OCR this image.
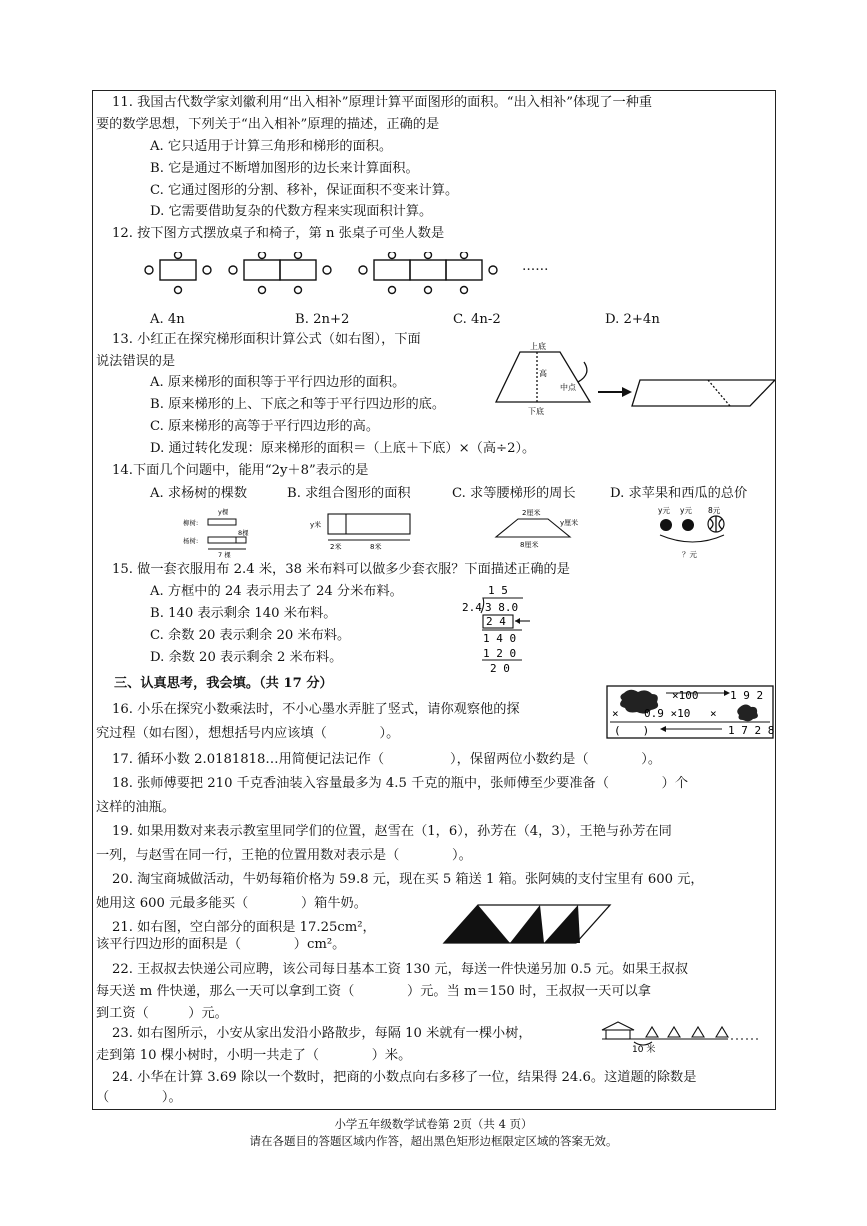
11. 我国古代数学家刘徽利用“出入相补”原理计算平面图形的面积。“出入相补”体现了一种重
要的数学思想，下列关于“出入相补”原理的描述，正确的是
A. 它只适用于计算三角形和梯形的面积。
B. 它是通过不断增加图形的边长来计算面积。
C. 它通过图形的分割、移补，保证面积不变来计算。
D. 它需要借助复杂的代数方程来实现面积计算。
12. 按下图方式摆放桌子和椅子，第 n 张桌子可坐人数是
……
A. 4n	B. 2n+2	C. 4n-2	D. 2+4n
13. 小红正在探究梯形面积计算公式（如右图），下面
说法错误的是
A. 原来梯形的面积等于平行四边形的面积。
B. 原来梯形的上、下底之和等于平行四边形的底。
C. 原来梯形的高等于平行四边形的高。
D. 通过转化发现：原来梯形的面积＝（上底＋下底）×（高÷2）。
上底
高
中点
下底
14.下面几个问题中，能用“2y＋8”表示的是
A. 求杨树的棵数	B. 求组合图形的面积	C. 求等腰梯形的周长	D. 求苹果和西瓜的总价
柳树:
杨树:
y棵
8棵
7 棵
y米
2米	8米
2厘米
y厘米
8厘米
y元 y元 8元
？元
15. 做一套衣服用布 2.4 米，38 米布料可以做多少套衣服？下面描述正确的是
A. 方框中的 24 表示用去了 24 分米布料。
B. 140 表示剩余 140 米布料。
C. 余数 20 表示剩余 20 米布料。
D. 余数 20 表示剩余 2 米布料。
1 5
2.4 3 8.0
2 4
1 4 0
1 2 0
2 0
三、认真思考，我会填。（共 17 分）
16. 小乐在探究小数乘法时，不小心墨水弄脏了竖式，请你观察他的探
究过程（如右图），想想括号内应该填（　　　　）。
×100	1 9 2
× 0.9 ×10 ×
(　　)	1 7 2 8
17. 循环小数 2.0181818…用简便记法记作（　　　　　），保留两位小数约是（　　　　）。
18. 张师傅要把 210 千克香油装入容量最多为 4.5 千克的瓶中，张师傅至少要准备（　　　　）个
这样的油瓶。
19. 如果用数对来表示教室里同学们的位置，赵雪在（1，6），孙芳在（4，3），王艳与孙芳在同
一列，与赵雪在同一行，王艳的位置用数对表示是（　　　　）。
20. 淘宝商城做活动，牛奶每箱价格为 59.8 元，现在买 5 箱送 1 箱。张阿姨的支付宝里有 600 元，
她用这 600 元最多能买（　　　　）箱牛奶。
21. 如右图，空白部分的面积是 17.25cm²，
该平行四边形的面积是（　　　　）cm²。
22. 王叔叔去快递公司应聘，该公司每日基本工资 130 元，每送一件快递另加 0.5 元。如果王叔叔
每天送 m 件快递，那么一天可以拿到工资（　　　　）元。当 m＝150 时，王叔叔一天可以拿
到工资（　　　）元。
23. 如右图所示，小安从家出发沿小路散步，每隔 10 米就有一棵小树，
走到第 10 棵小树时，小明一共走了（　　　　）米。	10 米
24. 小华在计算 3.69 除以一个数时，把商的小数点向右多移了一位，结果得 24.6。这道题的除数是
（　　　　）。
小学五年级数学试卷第 2页（共 4 页）
请在各题目的答题区域内作答，超出黑色矩形边框限定区域的答案无效。
